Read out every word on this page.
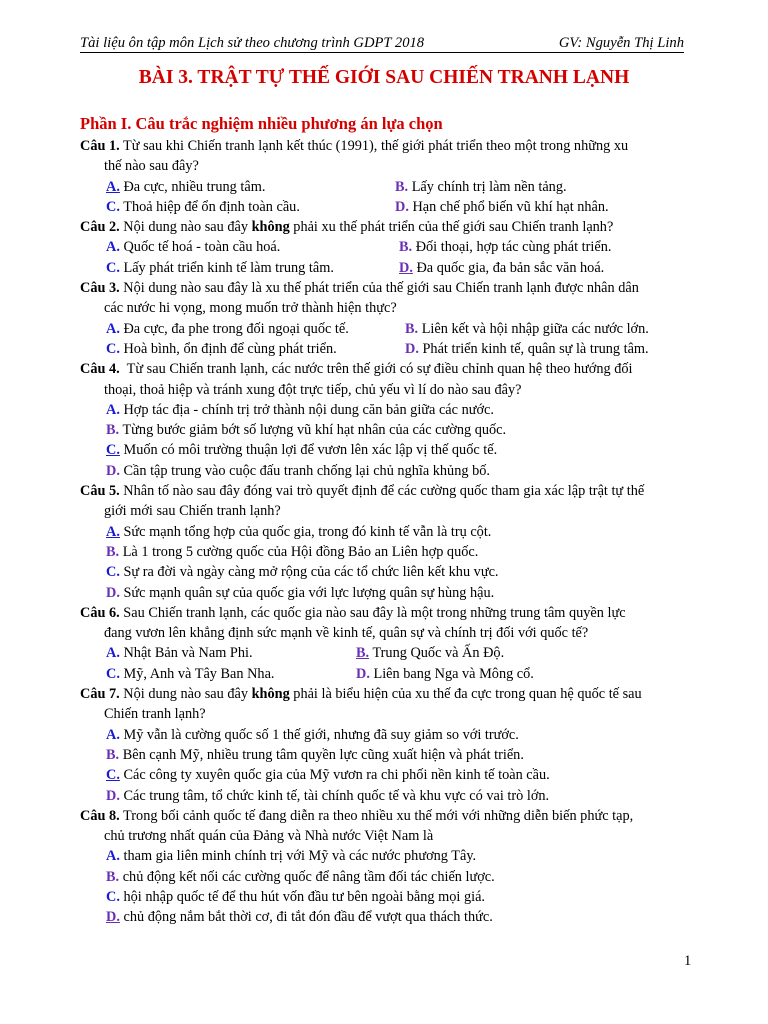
Tài liệu ôn tập môn Lịch sử theo chương trình GDPT 2018	GV: Nguyễn Thị Linh
BÀI 3. TRẬT TỰ THẾ GIỚI SAU CHIẾN TRANH LẠNH
Phần I. Câu trắc nghiệm nhiều phương án lựa chọn
Câu 1. Từ sau khi Chiến tranh lạnh kết thúc (1991), thế giới phát triển theo một trong những xu
thế nào sau đây?
A. Đa cực, nhiều trung tâm.	B. Lấy chính trị làm nền tảng.
C. Thoả hiệp để ổn định toàn cầu.	D. Hạn chế phổ biến vũ khí hạt nhân.
Câu 2. Nội dung nào sau đây không phải xu thế phát triển của thế giới sau Chiến tranh lạnh?
A. Quốc tế hoá - toàn cầu hoá.	B. Đối thoại, hợp tác cùng phát triển.
C. Lấy phát triển kinh tế làm trung tâm.	D. Đa quốc gia, đa bản sắc văn hoá.
Câu 3. Nội dung nào sau đây là xu thế phát triển của thế giới sau Chiến tranh lạnh được nhân dân
các nước hi vọng, mong muốn trở thành hiện thực?
A. Đa cực, đa phe trong đối ngoại quốc tế.	B. Liên kết và hội nhập giữa các nước lớn.
C. Hoà bình, ổn định để cùng phát triển.	D. Phát triển kinh tế, quân sự là trung tâm.
Câu 4.  Từ sau Chiến tranh lạnh, các nước trên thế giới có sự điều chỉnh quan hệ theo hướng đối
thoại, thoả hiệp và tránh xung đột trực tiếp, chủ yếu vì lí do nào sau đây?
A. Hợp tác địa - chính trị trở thành nội dung căn bản giữa các nước.
B. Từng bước giảm bớt số lượng vũ khí hạt nhân của các cường quốc.
C. Muốn có môi trường thuận lợi để vươn lên xác lập vị thế quốc tế.
D. Cần tập trung vào cuộc đấu tranh chống lại chủ nghĩa khủng bố.
Câu 5. Nhân tố nào sau đây đóng vai trò quyết định để các cường quốc tham gia xác lập trật tự thế
giới mới sau Chiến tranh lạnh?
A. Sức mạnh tổng hợp của quốc gia, trong đó kinh tế vẫn là trụ cột.
B. Là 1 trong 5 cường quốc của Hội đồng Bảo an Liên hợp quốc.
C. Sự ra đời và ngày càng mở rộng của các tổ chức liên kết khu vực.
D. Sức mạnh quân sự của quốc gia với lực lượng quân sự hùng hậu.
Câu 6. Sau Chiến tranh lạnh, các quốc gia nào sau đây là một trong những trung tâm quyền lực
đang vươn lên khẳng định sức mạnh về kinh tế, quân sự và chính trị đối với quốc tế?
A. Nhật Bản và Nam Phi.	B. Trung Quốc và Ấn Độ.
C. Mỹ, Anh và Tây Ban Nha.	D. Liên bang Nga và Mông cổ.
Câu 7. Nội dung nào sau đây không phải là biểu hiện của xu thế đa cực trong quan hệ quốc tế sau
Chiến tranh lạnh?
A. Mỹ vẫn là cường quốc số 1 thế giới, nhưng đã suy giảm so với trước.
B. Bên cạnh Mỹ, nhiều trung tâm quyền lực cũng xuất hiện và phát triển.
C. Các công ty xuyên quốc gia của Mỹ vươn ra chi phối nền kinh tế toàn cầu.
D. Các trung tâm, tổ chức kinh tế, tài chính quốc tế và khu vực có vai trò lớn.
Câu 8. Trong bối cảnh quốc tế đang diễn ra theo nhiều xu thế mới với những diễn biến phức tạp,
chủ trương nhất quán của Đảng và Nhà nước Việt Nam là
A. tham gia liên minh chính trị với Mỹ và các nước phương Tây.
B. chủ động kết nối các cường quốc để nâng tầm đối tác chiến lược.
C. hội nhập quốc tế để thu hút vốn đầu tư bên ngoài bằng mọi giá.
D. chủ động nắm bắt thời cơ, đi tắt đón đầu để vượt qua thách thức.
1
